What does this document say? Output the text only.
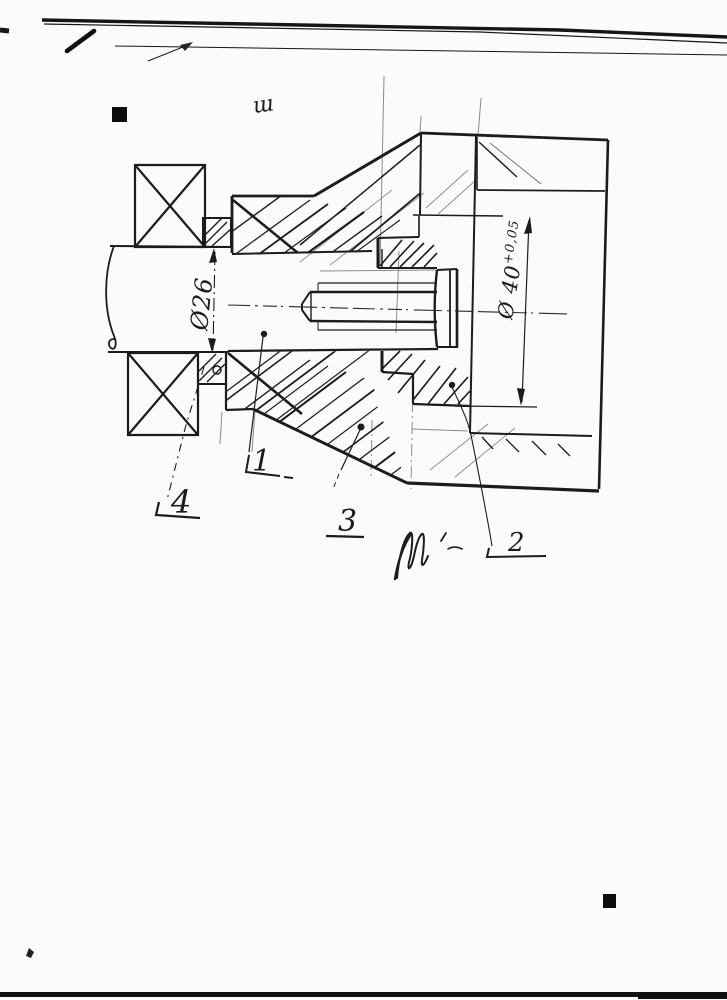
ɯ
Ø26	Ø $40^{+0,05}$
1
2
3
4
